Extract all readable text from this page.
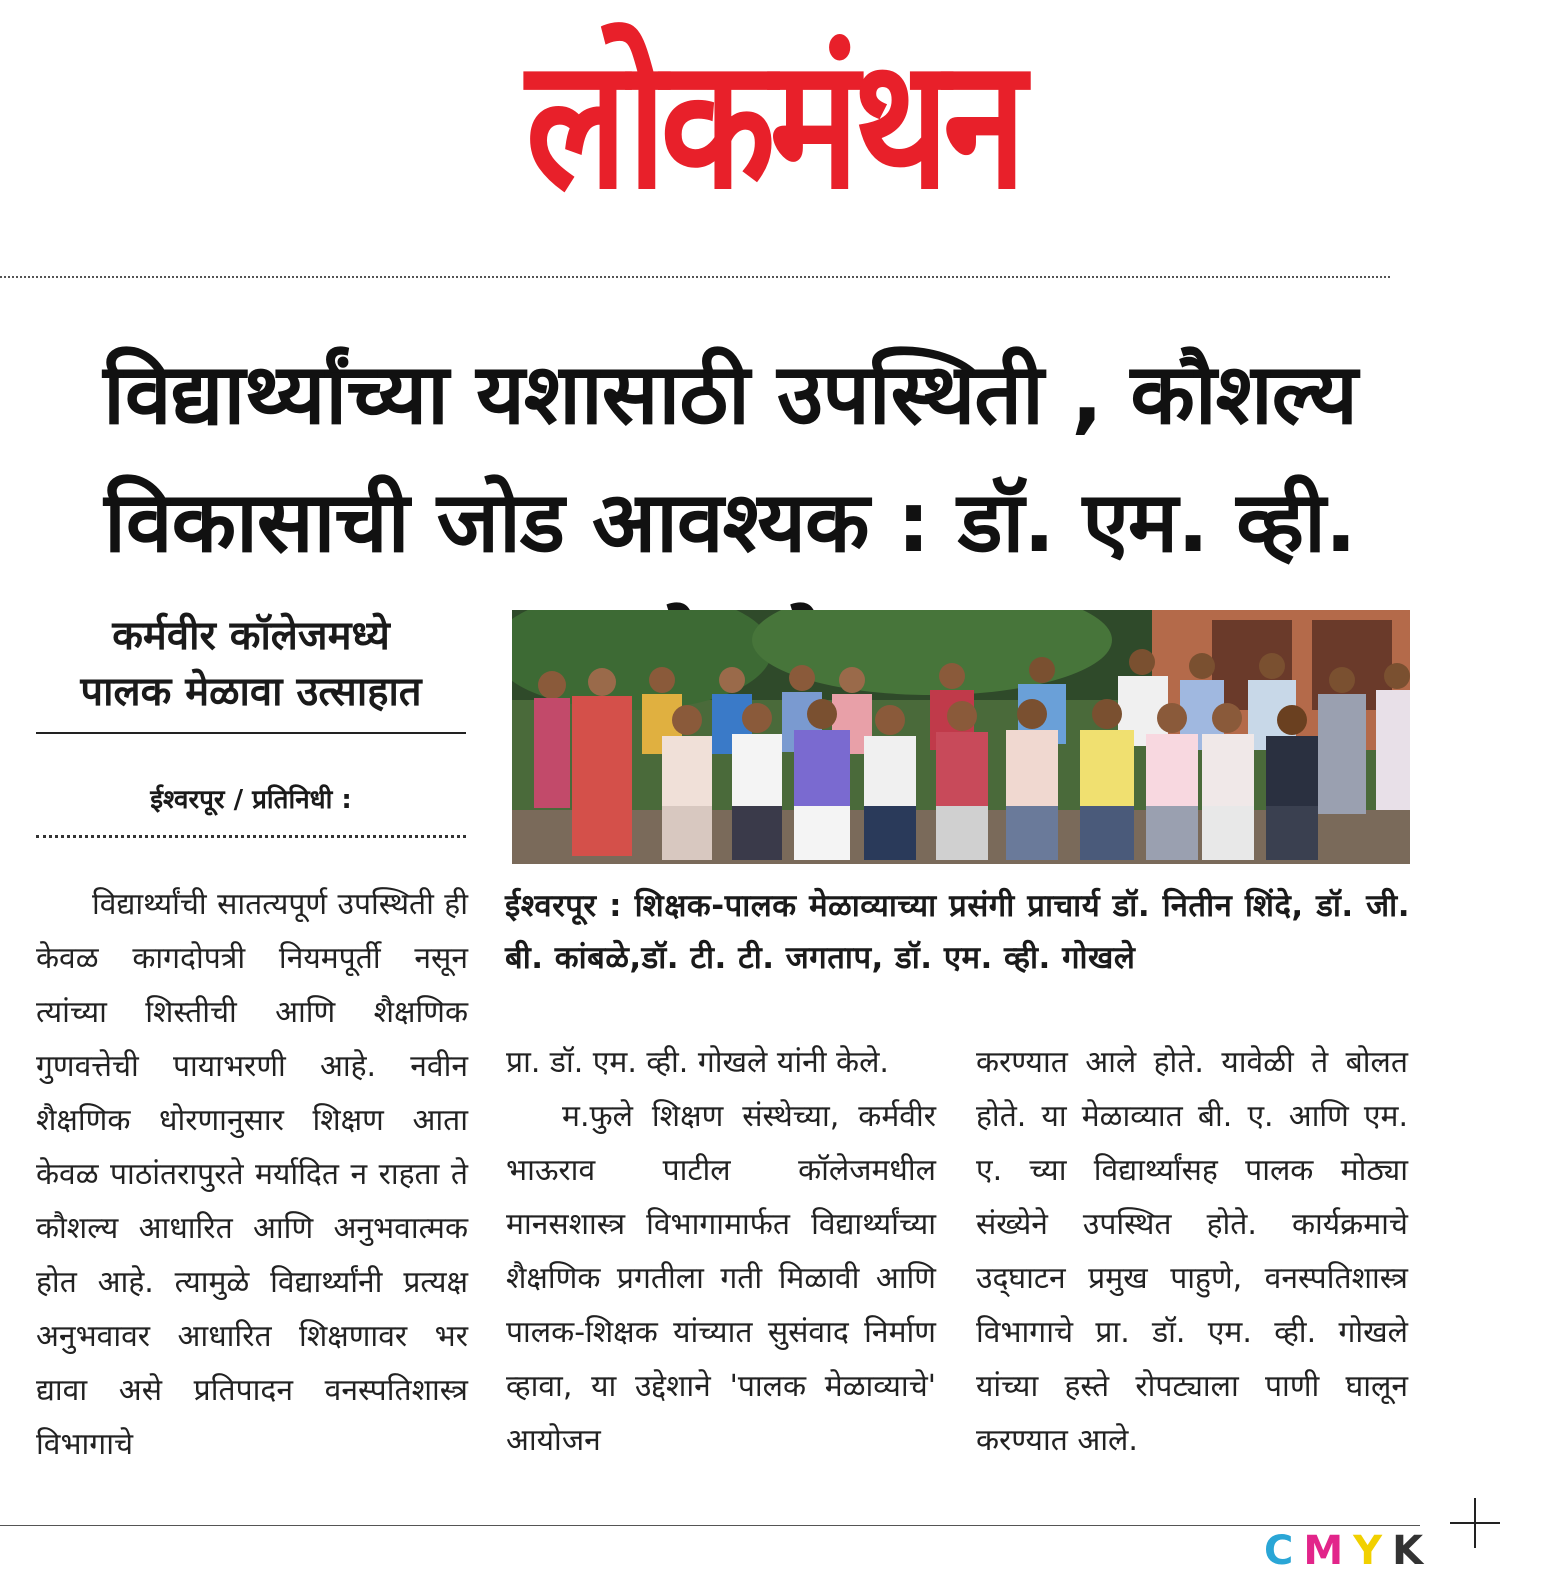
लोकमंथन
विद्यार्थ्यांच्या यशासाठी उपस्थिती , कौशल्य
विकासाची जोड आवश्यक : डॉ. एम. व्ही.
कर्मवीर कॉलेजमध्ये
पालक मेळावा उत्साहात
ईश्वरपूर / प्रतिनिधी :
ईश्वरपूर : शिक्षक-पालक मेळाव्याच्या प्रसंगी प्राचार्य डॉ. नितीन शिंदे, डॉ. जी. बी. कांबळे,डॉ. टी. टी. जगताप, डॉ. एम. व्ही. गोखले

विद्यार्थ्यांची सातत्यपूर्ण उपस्थिती ही केवळ कागदोपत्री नियमपूर्ती नसून त्यांच्या शिस्तीची आणि शैक्षणिक गुणवत्तेची पायाभरणी आहे. नवीन शैक्षणिक धोरणानुसार शिक्षण आता केवळ पाठांतरापुरते मर्यादित न राहता ते कौशल्य आधारित आणि अनुभवात्मक होत आहे. त्यामुळे विद्यार्थ्यांनी प्रत्यक्ष अनुभवावर आधारित शिक्षणावर भर द्यावा असे प्रतिपादन वनस्पतिशास्त्र विभागाचे

प्रा. डॉ. एम. व्ही. गोखले यांनी केले.

म.फुले शिक्षण संस्थेच्या, कर्मवीर भाऊराव पाटील कॉलेजमधील मानसशास्त्र विभागामार्फत विद्यार्थ्यांच्या शैक्षणिक प्रगतीला गती मिळावी आणि पालक-शिक्षक यांच्यात सुसंवाद निर्माण व्हावा, या उद्देशाने 'पालक मेळाव्याचे' आयोजन

करण्यात आले होते. यावेळी ते बोलत होते. या मेळाव्यात बी. ए. आणि एम. ए. च्या विद्यार्थ्यांसह पालक मोठ्या संख्येने उपस्थित होते. कार्यक्रमाचे उद्‌घाटन प्रमुख पाहुणे, वनस्पतिशास्त्र विभागाचे प्रा. डॉ. एम. व्ही. गोखले यांच्या हस्ते रोपट्याला पाणी घालून करण्यात आले.

CMYK
